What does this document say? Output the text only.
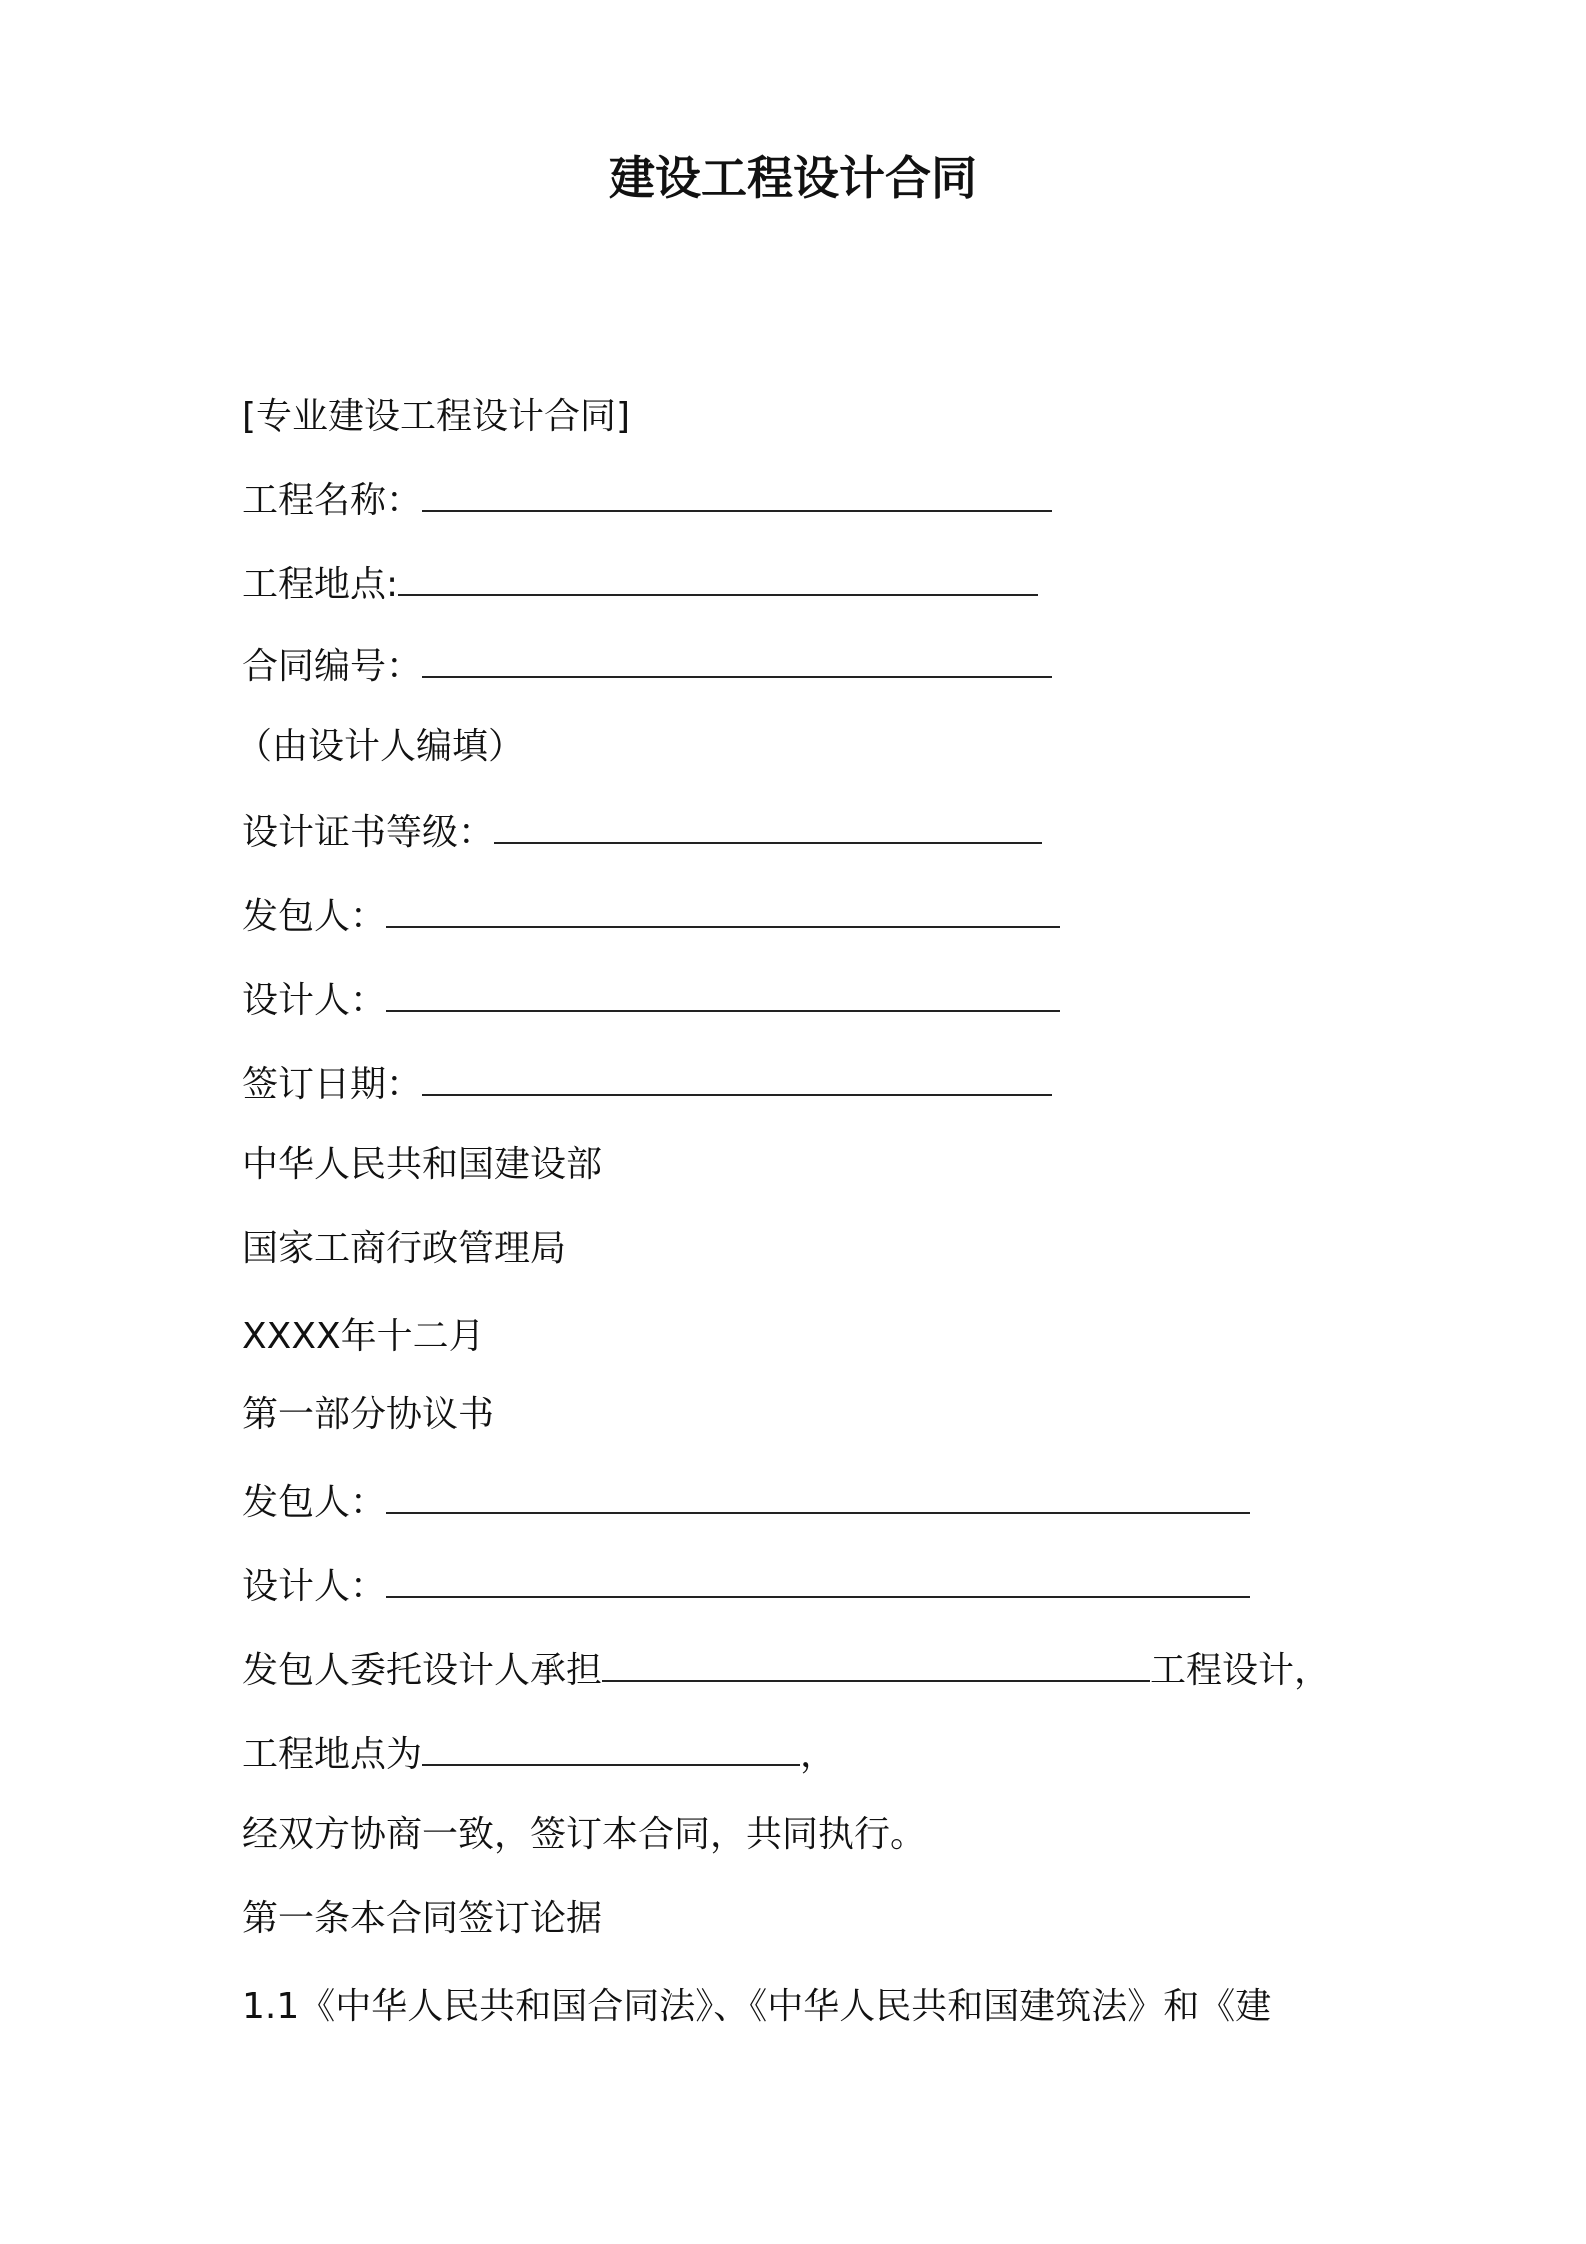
建设工程设计合同
[专业建设工程设计合同]
工程名称：
工程地点:
合同编号：
（由设计人编填）
设计证书等级：
发包人：
设计人：
签订日期：
中华人民共和国建设部
国家工商行政管理局
XXXX年十二月
第一部分协议书
发包人：
设计人：
发包人委托设计人承担	工程设计，
工程地点为	，
经双方协商一致，签订本合同，共同执行。
第一条本合同签订论据
1.1《中华人民共和国合同法》、《中华人民共和国建筑法》和《建
